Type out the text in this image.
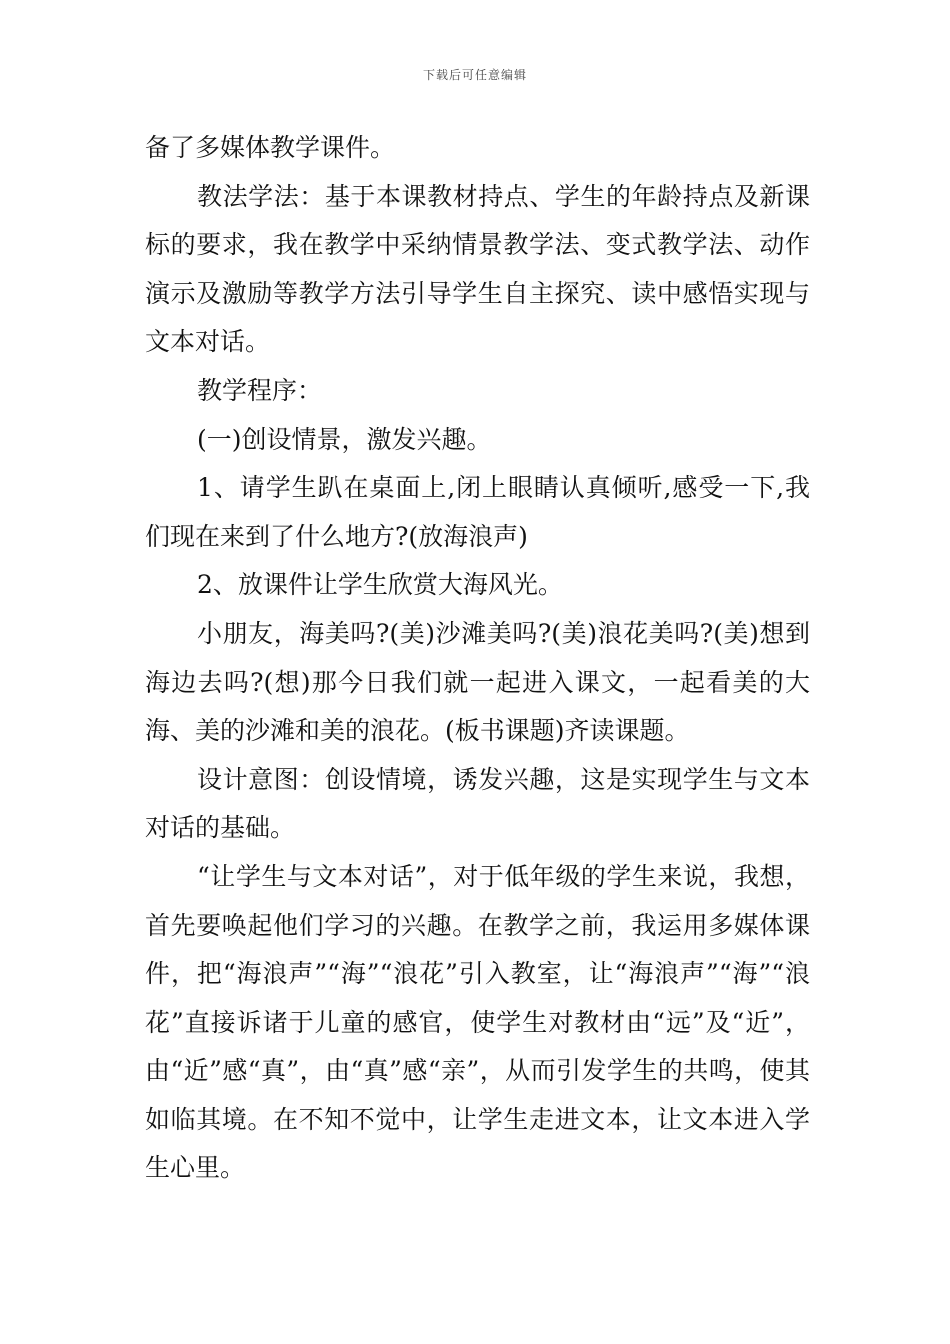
下载后可任意编辑

备了多媒体教学课件。

教法学法：基于本课教材持点、学生的年龄持点及新课标的要求，我在教学中采纳情景教学法、变式教学法、动作演示及激励等教学方法引导学生自主探究、读中感悟实现与文本对话。

教学程序：

(一)创设情景，激发兴趣。

1、请学生趴在桌面上,闭上眼睛认真倾听,感受一下,我们现在来到了什么地方?(放海浪声)

2、放课件让学生欣赏大海风光。

小朋友，海美吗?(美)沙滩美吗?(美)浪花美吗?(美)想到海边去吗?(想)那今日我们就一起进入课文，一起看美的大海、美的沙滩和美的浪花。(板书课题)齐读课题。

设计意图：创设情境，诱发兴趣，这是实现学生与文本对话的基础。

“让学生与文本对话”，对于低年级的学生来说，我想，首先要唤起他们学习的兴趣。在教学之前，我运用多媒体课件，把“海浪声”“海”“浪花”引入教室，让“海浪声”“海”“浪花”直接诉诸于儿童的感官，使学生对教材由“远”及“近”，由“近”感“真”，由“真”感“亲”，从而引发学生的共鸣，使其如临其境。在不知不觉中，让学生走进文本，让文本进入学生心里。
